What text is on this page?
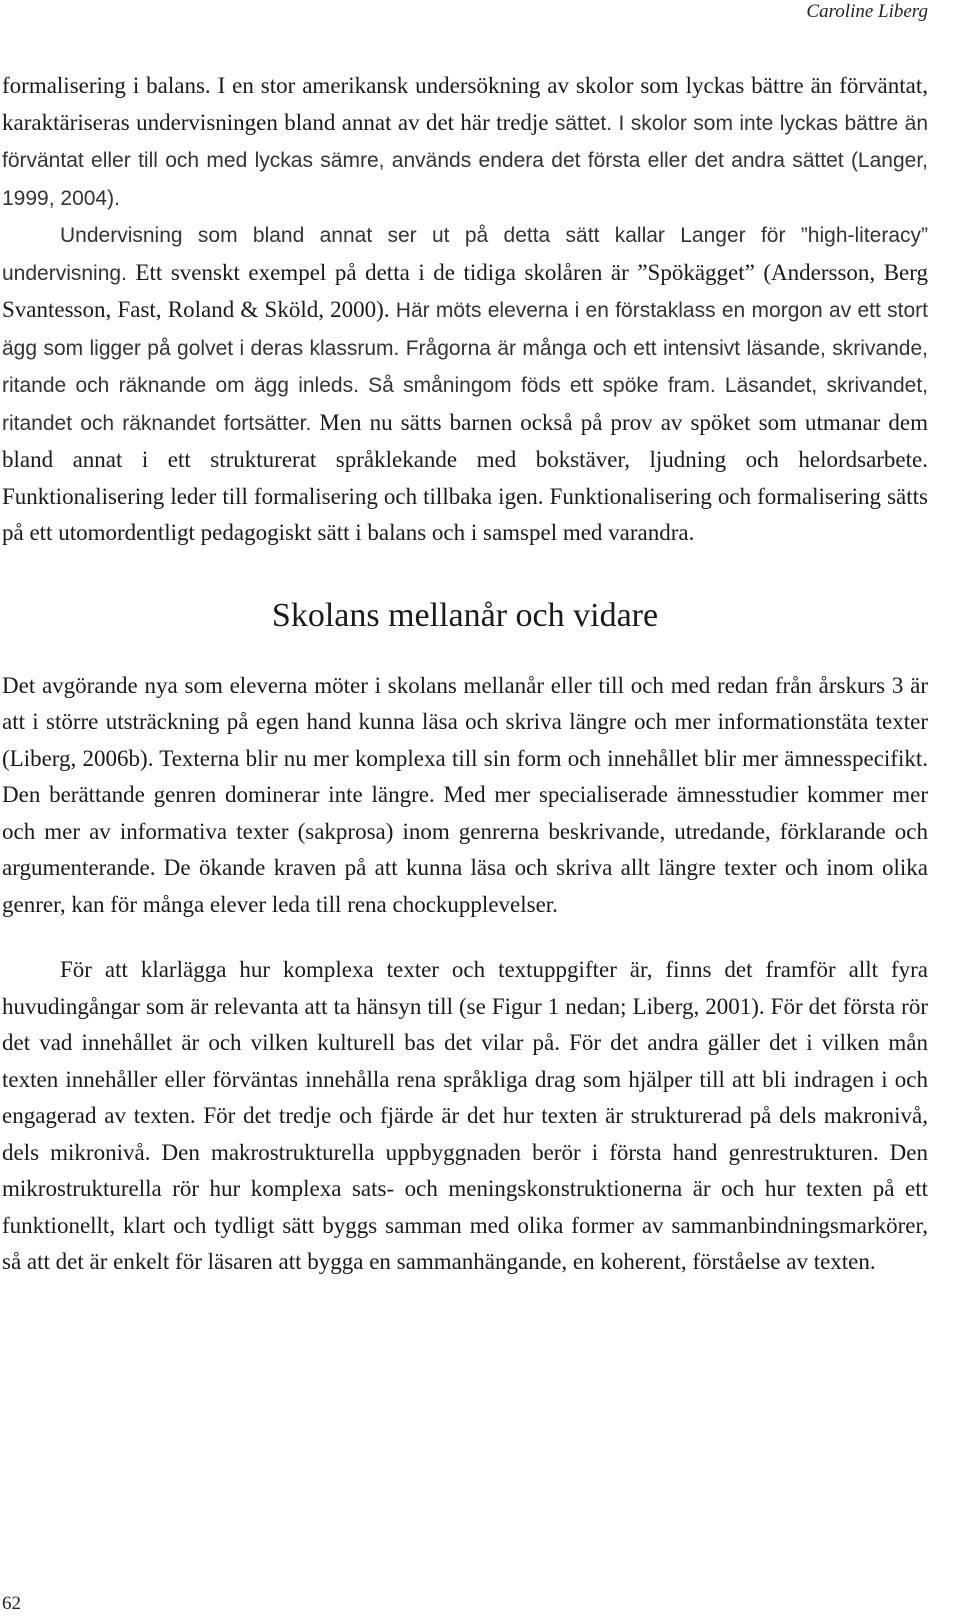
Caroline Liberg

formalisering i balans. I en stor amerikansk undersökning av skolor som lyckas bättre än förväntat, karaktäriseras undervisningen bland annat av det här tredje sättet. I skolor som inte lyckas bättre än förväntat eller till och med lyckas sämre, används endera det första eller det andra sättet (Langer, 1999, 2004).

Undervisning som bland annat ser ut på detta sätt kallar Langer för ”high-literacy” undervisning. Ett svenskt exempel på detta i de tidiga skolåren är ”Spökägget” (Andersson, Berg Svantesson, Fast, Roland & Sköld, 2000). Här möts eleverna i en förstaklass en morgon av ett stort ägg som ligger på golvet i deras klassrum. Frågorna är många och ett intensivt läsande, skrivande, ritande och räknande om ägg inleds. Så småningom föds ett spöke fram. Läsandet, skrivandet, ritandet och räknandet fortsätter. Men nu sätts barnen också på prov av spöket som utmanar dem bland annat i ett strukturerat språklekande med bokstäver, ljudning och helordsarbete. Funktionalisering leder till formalisering och tillbaka igen. Funktionalisering och formalisering sätts på ett utomordentligt pedagogiskt sätt i balans och i samspel med varandra.

Skolans mellanår och vidare

Det avgörande nya som eleverna möter i skolans mellanår eller till och med redan från årskurs 3 är att i större utsträckning på egen hand kunna läsa och skriva längre och mer informationstäta texter (Liberg, 2006b). Texterna blir nu mer komplexa till sin form och innehållet blir mer ämnesspecifikt. Den berättande genren dominerar inte längre. Med mer specialiserade ämnesstudier kommer mer och mer av informativa texter (sakprosa) inom genrerna beskrivande, utredande, förklarande och argumenterande. De ökande kraven på att kunna läsa och skriva allt längre texter och inom olika genrer, kan för många elever leda till rena chockupplevelser.

För att klarlägga hur komplexa texter och textuppgifter är, finns det framför allt fyra huvudingångar som är relevanta att ta hänsyn till (se Figur 1 nedan; Liberg, 2001). För det första rör det vad innehållet är och vilken kulturell bas det vilar på. För det andra gäller det i vilken mån texten innehåller eller förväntas innehålla rena språkliga drag som hjälper till att bli indragen i och engagerad av texten. För det tredje och fjärde är det hur texten är strukturerad på dels makronivå, dels mikronivå. Den makrostrukturella uppbyggnaden berör i första hand genrestrukturen. Den mikrostrukturella rör hur komplexa sats- och meningskonstruktionerna är och hur texten på ett funktionellt, klart och tydligt sätt byggs samman med olika former av sammanbindningsmarkörer, så att det är enkelt för läsaren att bygga en sammanhängande, en koherent, förståelse av texten.

62
